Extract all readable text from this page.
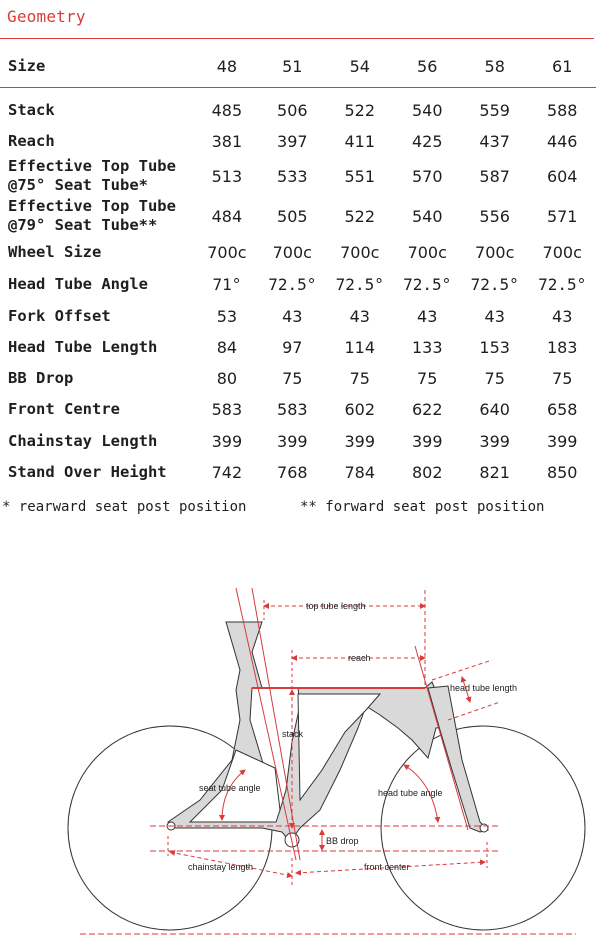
Geometry
Size	48	51	54	56	58	61

Stack	485	506	522	540	559	588

Reach	381	397	411	425	437	446

Effective Top Tube
@75° Seat Tube*	513	533	551	570	587	604

Effective Top Tube
@79° Seat Tube**	484	505	522	540	556	571

Wheel Size	700c	700c	700c	700c	700c	700c

Head Tube Angle	71°	72.5°	72.5°	72.5°	72.5°	72.5°

Fork Offset	53	43	43	43	43	43

Head Tube Length	84	97	114	133	153	183

BB Drop	80	75	75	75	75	75

Front Centre	583	583	602	622	640	658

Chainstay Length	399	399	399	399	399	399

Stand Over Height	742	768	784	802	821	850
* rearward seat post position	** forward seat post position
top tube length
reach
head tube length
stack
seat tube angle	head tube angle
BB drop
chainstay length	front center
